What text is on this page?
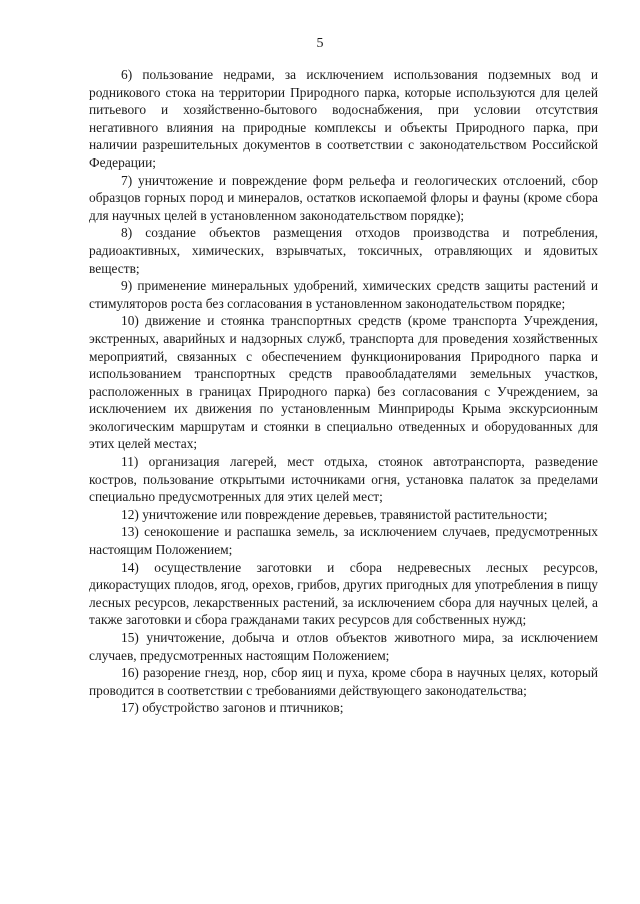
5

6) пользование недрами, за исключением использования подземных вод и родникового стока на территории Природного парка, которые используются для целей питьевого и хозяйственно-бытового водоснабжения, при условии отсутствия негативного влияния на природные комплексы и объекты Природного парка, при наличии разрешительных документов в соответствии с законодательством Российской Федерации;

7) уничтожение и повреждение форм рельефа и геологических отслоений, сбор образцов горных пород и минералов, остатков ископаемой флоры и фауны (кроме сбора для научных целей в установленном законодательством порядке);

8) создание объектов размещения отходов производства и потребления, радиоактивных, химических, взрывчатых, токсичных, отравляющих и ядовитых веществ;

9) применение минеральных удобрений, химических средств защиты растений и стимуляторов роста без согласования в установленном законодательством порядке;

10) движение и стоянка транспортных средств (кроме транспорта Учреждения, экстренных, аварийных и надзорных служб, транспорта для проведения хозяйственных мероприятий, связанных с обеспечением функционирования Природного парка и использованием транспортных средств правообладателями земельных участков, расположенных в границах Природного парка) без согласования с Учреждением, за исключением их движения по установленным Минприроды Крыма экскурсионным экологическим маршрутам и стоянки в специально отведенных и оборудованных для этих целей местах;

11) организация лагерей, мест отдыха, стоянок автотранспорта, разведение костров, пользование открытыми источниками огня, установка палаток за пределами специально предусмотренных для этих целей мест;

12) уничтожение или повреждение деревьев, травянистой растительности;

13) сенокошение и распашка земель, за исключением случаев, предусмотренных настоящим Положением;

14) осуществление заготовки и сбора недревесных лесных ресурсов, дикорастущих плодов, ягод, орехов, грибов, других пригодных для употребления в пищу лесных ресурсов, лекарственных растений, за исключением сбора для научных целей, а также заготовки и сбора гражданами таких ресурсов для собственных нужд;

15) уничтожение, добыча и отлов объектов животного мира, за исключением случаев, предусмотренных настоящим Положением;

16) разорение гнезд, нор, сбор яиц и пуха, кроме сбора в научных целях, который проводится в соответствии с требованиями действующего законодательства;

17) обустройство загонов и птичников;
